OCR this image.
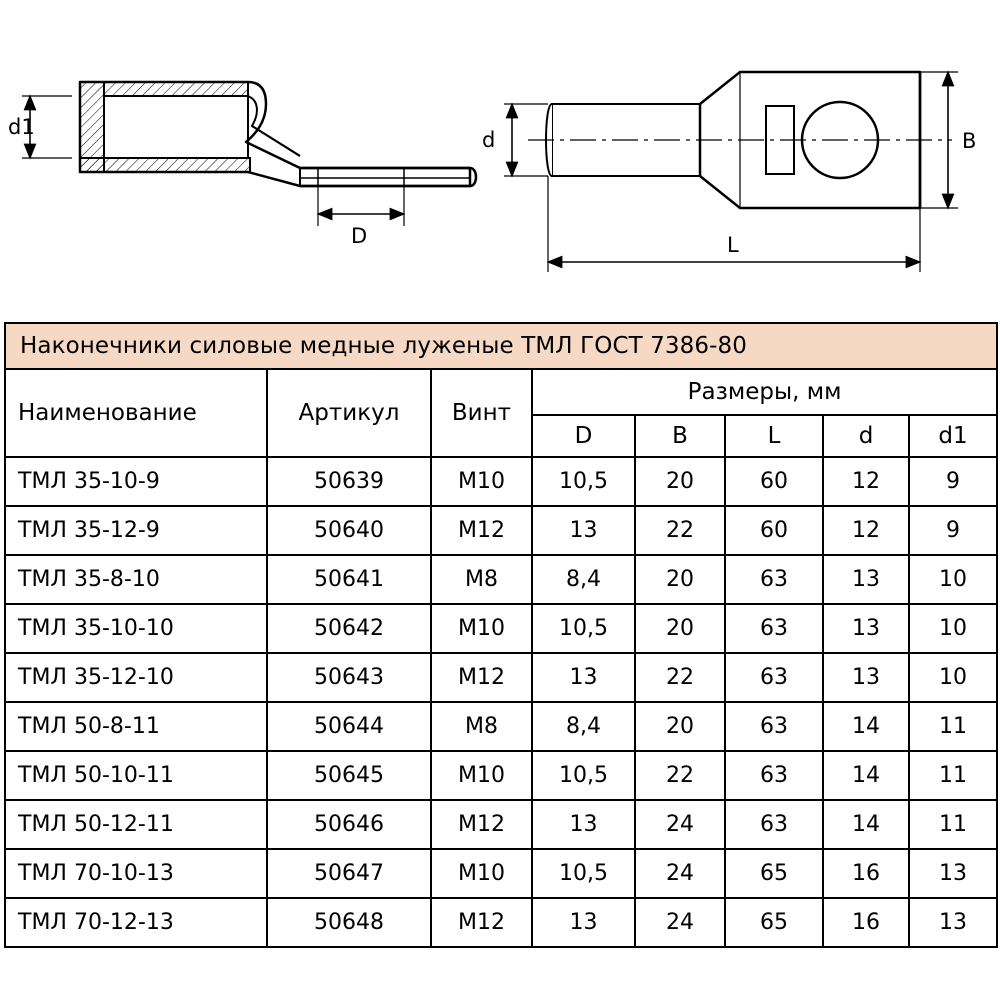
d1
D
d	B
L
Наконечники силовые медные луженые ТМЛ ГОСТ 7386-80							
Наименование	Артикул	Винт	Размеры, мм				
			D	B	L	d	d1
ТМЛ 35-10-9	50639	М10	10,5	20	60	12	9
ТМЛ 35-12-9	50640	М12	13	22	60	12	9
ТМЛ 35-8-10	50641	М8	8,4	20	63	13	10
ТМЛ 35-10-10	50642	М10	10,5	20	63	13	10
ТМЛ 35-12-10	50643	М12	13	22	63	13	10
ТМЛ 50-8-11	50644	М8	8,4	20	63	14	11
ТМЛ 50-10-11	50645	М10	10,5	22	63	14	11
ТМЛ 50-12-11	50646	М12	13	24	63	14	11
ТМЛ 70-10-13	50647	М10	10,5	24	65	16	13
ТМЛ 70-12-13	50648	М12	13	24	65	16	13
